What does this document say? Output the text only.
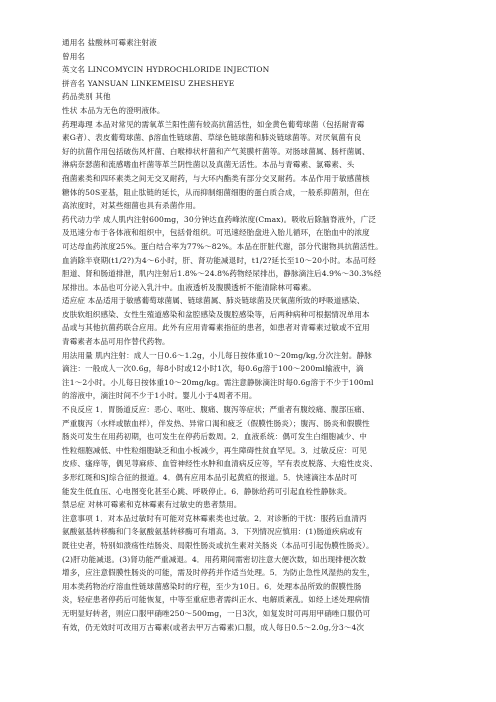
通用名 盐酸林可霉素注射液
曾用名
英文名 LINCOMYCIN HYDROCHLORIDE INJECTION
拼音名 YANSUAN LINKEMEISU ZHESHEYE
药品类别 其他
性状 本品为无色的澄明液体。
药理毒理 本品对常见的需氧革兰阳性菌有较高抗菌活性，如金黄色葡萄球菌（包括耐青霉
素G者）、表皮葡萄球菌、β溶血性链球菌、草绿色链球菌和肺炎链球菌等。对厌氧菌有良
好的抗菌作用包括破伤风杆菌、白喉棒状杆菌和产气荚膜杆菌等。对肠球菌属、肠杆菌属、
淋病奈瑟菌和流感嗜血杆菌等革兰阴性菌以及真菌无活性。本品与青霉素、氯霉素、头
孢菌素类和四环素类之间无交叉耐药，与大环内酯类有部分交叉耐药。本品作用于敏感菌核
糖体的50S亚基，阻止肽链的延长，从而抑制细菌细胞的蛋白质合成，一般系抑菌剂，但在
高浓度时，对某些细菌也具有杀菌作用。
药代动力学 成人肌内注射600mg，30分钟达血药峰浓度(Cmax)。吸收后除脑脊液外，广泛
及迅速分布于各体液和组织中，包括骨组织。可迅速经胎盘进入胎儿循环，在胎血中的浓度
可达母血药浓度25%。蛋白结合率为77%～82%。本品在肝脏代谢，部分代谢物具抗菌活性。
血消除半衰期(t1/2?)为4～6小时，肝、肾功能减退时，t1/2?延长至10～20小时。本品可经
胆道、肾和肠道排泄，肌内注射后1.8%～24.8%药物经尿排出，静脉滴注后4.9%～30.3%经
尿排出。本品也可分泌入乳汁中。血液透析及腹膜透析不能清除林可霉素。
适应症 本品适用于敏感葡萄球菌属、链球菌属、肺炎链球菌及厌氧菌所致的呼吸道感染、
皮肤软组织感染、女性生殖道感染和盆腔感染及腹腔感染等，后两种病种可根据情况单用本
品或与其他抗菌药联合应用。此外有应用青霉素指征的患者，如患者对青霉素过敏或不宜用
青霉素者本品可用作替代药物。
用法用量 肌内注射：成人一日0.6～1.2g，小儿每日按体重10～20mg/kg,分次注射。静脉
滴注：一般成人一次0.6g，每8小时或12小时1次，每0.6g溶于100～200ml输液中，滴
注1～2小时。小儿每日按体重10～20mg/kg。需注意静脉滴注时每0.6g溶于不少于100ml
的溶液中，滴注时间不少于1小时。婴儿小于4周者不用。
不良反应 1．胃肠道反应：恶心、呕吐、腹痛、腹泻等症状；严重者有腹绞痛、腹部压痛、
严重腹泻（水样或脓血样），伴发热、异常口渴和疲乏（假膜性肠炎）；腹泻、肠炎和假膜性
肠炎可发生在用药初期，也可发生在停药后数周。2．血液系统：偶可发生白细胞减少、中
性粒细胞减低、中性粒细胞缺乏和血小板减少，再生障碍性贫血罕见。3．过敏反应：可见
皮疹、瘙痒等，偶见荨麻疹、血管神经性水肿和血清病反应等，罕有表皮脱落、大疱性皮炎、
多形红斑和SJ综合征的报道。4．偶有应用本品引起黄疸的报道。5．快速滴注本品时可
能发生低血压、心电图变化甚至心跳、呼吸停止。6．静脉给药可引起血栓性静脉炎。
禁忌症 对林可霉素和克林霉素有过敏史的患者禁用。
注意事项 1．对本品过敏时有可能对克林霉素类也过敏。2．对诊断的干扰：服药后血清丙
氨酸氨基转移酶和门冬氨酸氨基转移酶可有增高。3．下列情况应慎用：(1)肠道疾病或有
既往史者，特别如溃疡性结肠炎、局限性肠炎或抗生素对关肠炎（本品可引起伪膜性肠炎）。
(2)肝功能减退。(3)肾功能严重减退。4．用药期间需密切注意大便次数，如出现排便次数
增多，应注意假膜性肠炎的可能，需及时停药并作适当处理。5．为防止急性风湿热的发生，
用本类药物治疗溶血性链球菌感染时的疗程，至少为10日。6．处理本品所致的假膜性肠
炎，轻症患者停药后可能恢复，中等至重症患者需纠正水、电解质紊乱。如经上述处理病情
无明显好转者，则应口服甲硝唑250～500mg，一日3次，如复发时可再用甲硝唑口服仍可
有效，仍无效时可改用万古霉素(或者去甲万古霉素)口服，成人每日0.5～2.0g,分3～4次
